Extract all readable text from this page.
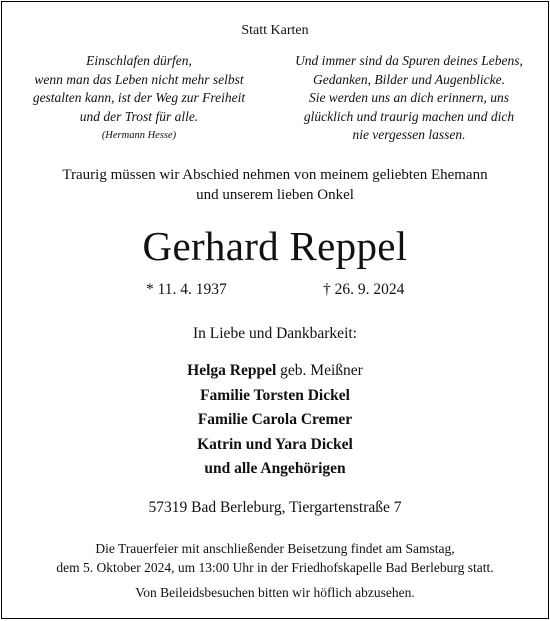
Statt Karten
Einschlafen dürfen,
wenn man das Leben nicht mehr selbst
gestalten kann, ist der Weg zur Freiheit
und der Trost für alle.
(Hermann Hesse)
Und immer sind da Spuren deines Lebens,
Gedanken, Bilder und Augenblicke.
Sie werden uns an dich erinnern, uns
glücklich und traurig machen und dich
nie vergessen lassen.
Traurig müssen wir Abschied nehmen von meinem geliebten Ehemann
und unserem lieben Onkel
Gerhard Reppel
* 11. 4. 1937	† 26. 9. 2024
In Liebe und Dankbarkeit:
Helga Reppel geb. Meißner
Familie Torsten Dickel
Familie Carola Cremer
Katrin und Yara Dickel
und alle Angehörigen
57319 Bad Berleburg, Tiergartenstraße 7
Die Trauerfeier mit anschließender Beisetzung findet am Samstag,
dem 5. Oktober 2024, um 13:00 Uhr in der Friedhofskapelle Bad Berleburg statt.
Von Beileidsbesuchen bitten wir höflich abzusehen.
